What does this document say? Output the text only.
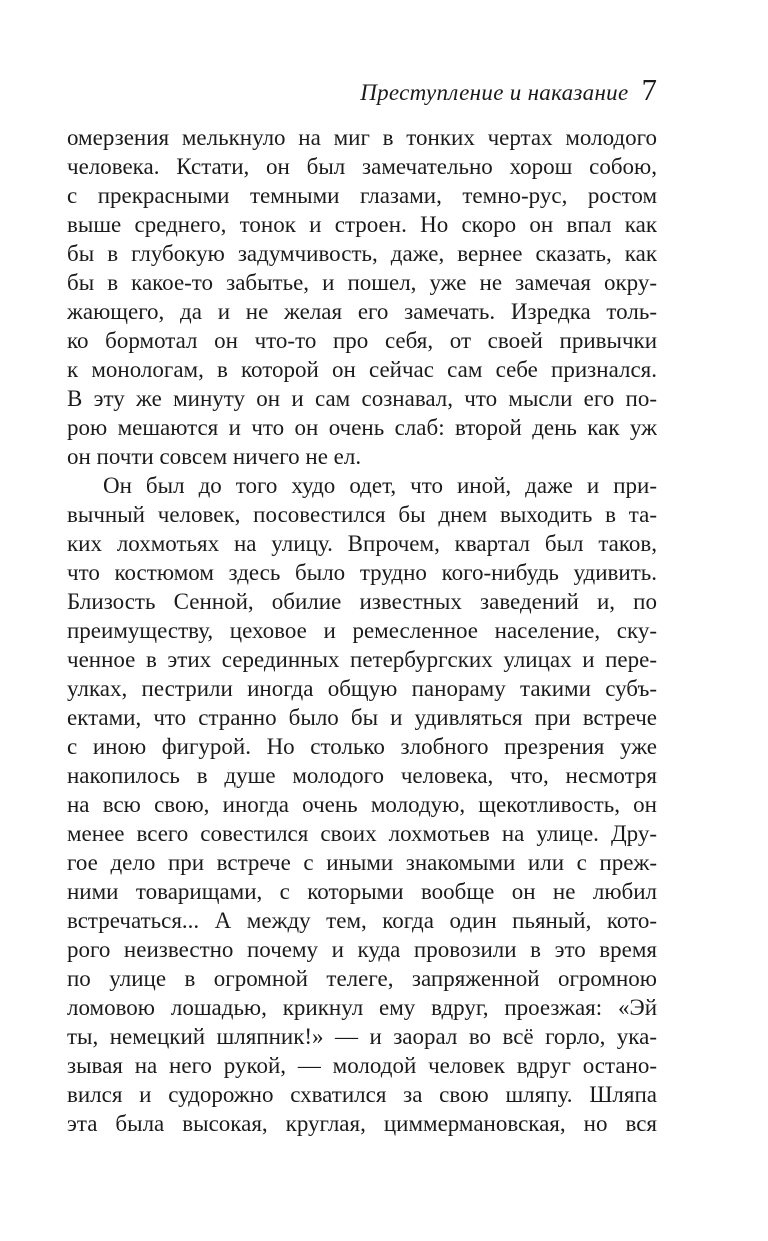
Преступление и наказание 7
омерзения мелькнуло на миг в тонких чертах молодого
человека. Кстати, он был замечательно хорош собою,
с прекрасными темными глазами, темно-рус, ростом
выше среднего, тонок и строен. Но скоро он впал как
бы в глубокую задумчивость, даже, вернее сказать, как
бы в какое-то забытье, и пошел, уже не замечая окру-
жающего, да и не желая его замечать. Изредка толь-
ко бормотал он что-то про себя, от своей привычки
к монологам, в которой он сейчас сам себе признался.
В эту же минуту он и сам сознавал, что мысли его по-
рою мешаются и что он очень слаб: второй день как уж
он почти совсем ничего не ел.
Он был до того худо одет, что иной, даже и при-
вычный человек, посовестился бы днем выходить в та-
ких лохмотьях на улицу. Впрочем, квартал был таков,
что костюмом здесь было трудно кого-нибудь удивить.
Близость Сенной, обилие известных заведений и, по
преимуществу, цеховое и ремесленное население, ску-
ченное в этих серединных петербургских улицах и пере-
улках, пестрили иногда общую панораму такими субъ-
ектами, что странно было бы и удивляться при встрече
с иною фигурой. Но столько злобного презрения уже
накопилось в душе молодого человека, что, несмотря
на всю свою, иногда очень молодую, щекотливость, он
менее всего совестился своих лохмотьев на улице. Дру-
гое дело при встрече с иными знакомыми или с преж-
ними товарищами, с которыми вообще он не любил
встречаться... А между тем, когда один пьяный, кото-
рого неизвестно почему и куда провозили в это время
по улице в огромной телеге, запряженной огромною
ломовою лошадью, крикнул ему вдруг, проезжая: «Эй
ты, немецкий шляпник!» — и заорал во всё горло, ука-
зывая на него рукой, — молодой человек вдруг остано-
вился и судорожно схватился за свою шляпу. Шляпа
эта была высокая, круглая, циммермановская, но вся
